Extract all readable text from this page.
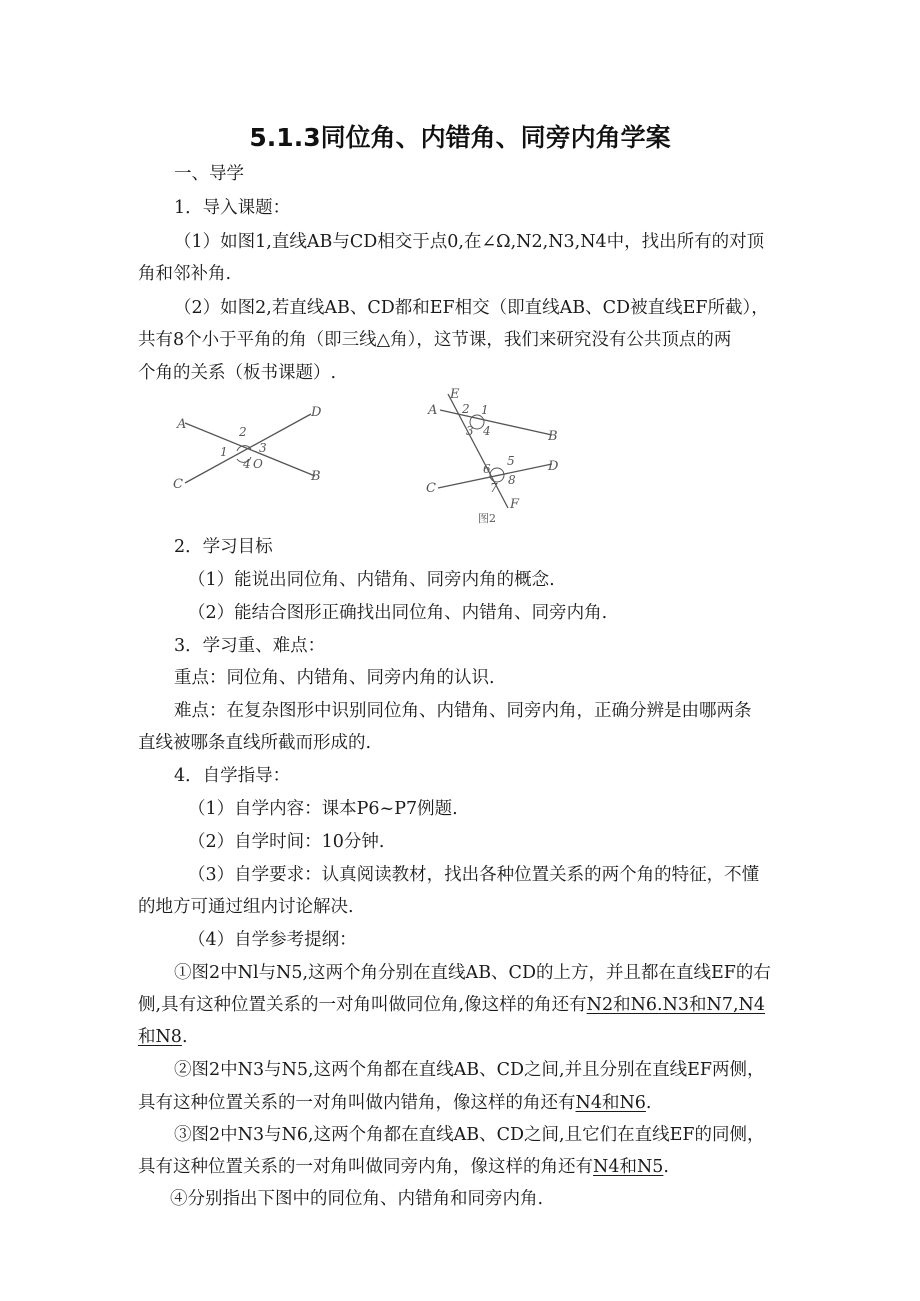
5.1.3同位角、内错角、同旁内角学案
一、导学
1．导入课题：
（1）如图1,直线AB与CD相交于点0,在∠Ω,N2,N3,N4中，找出所有的对顶
角和邻补角.
（2）如图2,若直线AB、CD都和EF相交（即直线AB、CD被直线EF所截），
共有8个小于平角的角（即三线△角），这节课，我们来研究没有公共顶点的两
个角的关系（板书课题）.
A
D
C
B
1
2
3
4 O
E
A
B
1
2
3 4
5
6
7
8
D
C
F
图2
2．学习目标
（1）能说出同位角、内错角、同旁内角的概念.
（2）能结合图形正确找出同位角、内错角、同旁内角.
3．学习重、难点：
重点：同位角、内错角、同旁内角的认识.
难点：在复杂图形中识别同位角、内错角、同旁内角，正确分辨是由哪两条
直线被哪条直线所截而形成的.
4．自学指导：
（1）自学内容：课本P6~P7例题.
（2）自学时间：10分钟.
（3）自学要求：认真阅读教材，找出各种位置关系的两个角的特征，不懂
的地方可通过组内讨论解决.
（4）自学参考提纲：
①图2中Nl与N5,这两个角分别在直线AB、CD的上方，并且都在直线EF的右
侧,具有这种位置关系的一对角叫做同位角,像这样的角还有N2和N6.N3和N7,N4
和N8.
②图2中N3与N5,这两个角都在直线AB、CD之间,并且分别在直线EF两侧，
具有这种位置关系的一对角叫做内错角，像这样的角还有N4和N6.
③图2中N3与N6,这两个角都在直线AB、CD之间,且它们在直线EF的同侧，
具有这种位置关系的一对角叫做同旁内角，像这样的角还有N4和N5.
④分别指出下图中的同位角、内错角和同旁内角.
